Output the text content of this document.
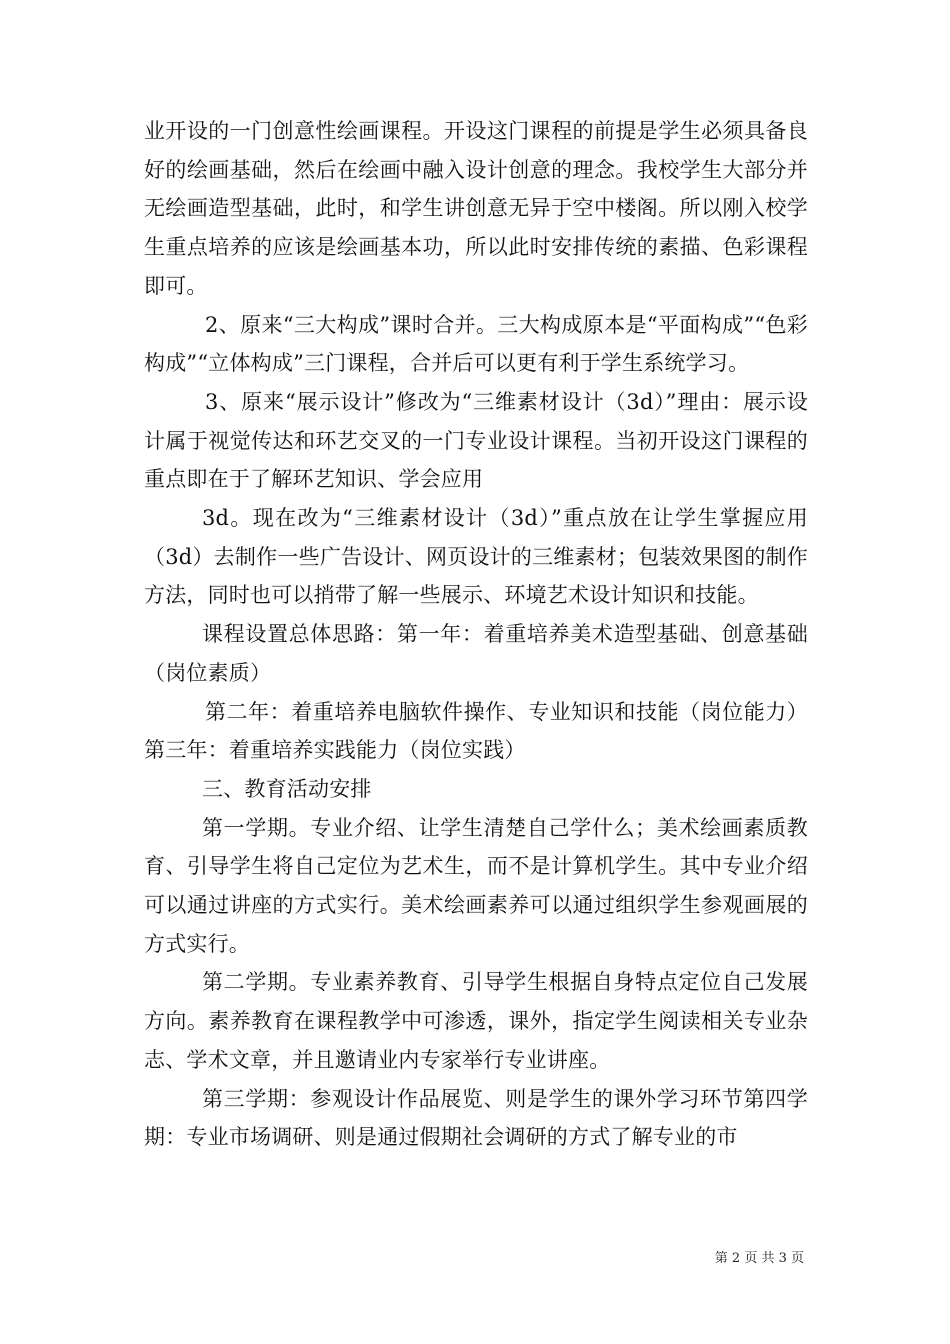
业开设的一门创意性绘画课程。开设这门课程的前提是学生必须具备良好的绘画基础，然后在绘画中融入设计创意的理念。我校学生大部分并无绘画造型基础，此时，和学生讲创意无异于空中楼阁。所以刚入校学生重点培养的应该是绘画基本功，所以此时安排传统的素描、色彩课程即可。

2、原来“三大构成”课时合并。三大构成原本是“平面构成”“色彩构成”“立体构成”三门课程，合并后可以更有利于学生系统学习。

3、原来“展示设计”修改为“三维素材设计（3d）”理由：展示设计属于视觉传达和环艺交叉的一门专业设计课程。当初开设这门课程的重点即在于了解环艺知识、学会应用

3d。现在改为“三维素材设计（3d）”重点放在让学生掌握应用（3d）去制作一些广告设计、网页设计的三维素材；包装效果图的制作方法，同时也可以捎带了解一些展示、环境艺术设计知识和技能。

课程设置总体思路：第一年：着重培养美术造型基础、创意基础（岗位素质）

第二年：着重培养电脑软件操作、专业知识和技能（岗位能力）第三年：着重培养实践能力（岗位实践）

三、教育活动安排

第一学期。专业介绍、让学生清楚自己学什么；美术绘画素质教育、引导学生将自己定位为艺术生，而不是计算机学生。其中专业介绍可以通过讲座的方式实行。美术绘画素养可以通过组织学生参观画展的方式实行。

第二学期。专业素养教育、引导学生根据自身特点定位自己发展方向。素养教育在课程教学中可渗透，课外，指定学生阅读相关专业杂志、学术文章，并且邀请业内专家举行专业讲座。

第三学期：参观设计作品展览、则是学生的课外学习环节第四学期：专业市场调研、则是通过假期社会调研的方式了解专业的市

第 2 页 共 3 页
